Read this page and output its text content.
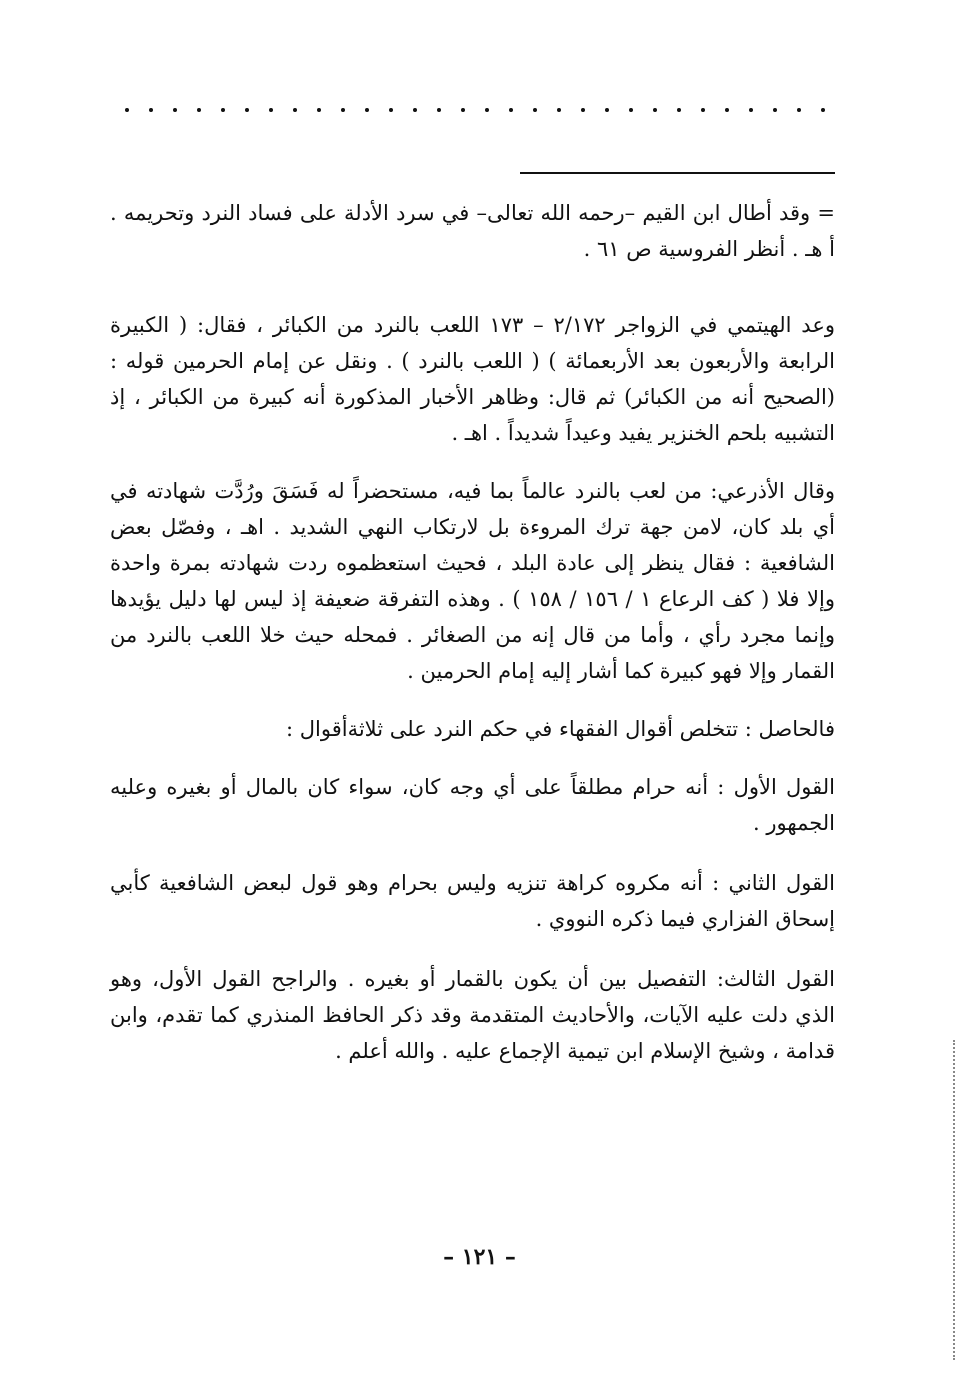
= وقد أطال ابن القيم –رحمه الله تعالى– في سرد الأدلة على فساد النرد وتحريمه . أ هـ . أنظر الفروسية ص ٦١ .

وعد الهيتمي في الزواجر ٢/١٧٢ – ١٧٣ اللعب بالنرد من الكبائر ، فقال: ( الكبيرة الرابعة والأربعون بعد الأربعمائة ) ( اللعب بالنرد ) . ونقل عن إمام الحرمين قوله : (الصحيح أنه من الكبائر) ثم قال: وظاهر الأخبار المذكورة أنه كبيرة من الكبائر ، إذ التشبيه بلحم الخنزير يفيد وعيداً شديداً . اهـ .

وقال الأذرعي: من لعب بالنرد عالماً بما فيه، مستحضراً له فَسَقَ ورُدَّت شهادته في أي بلد كان، لامن جهة ترك المروءة بل لارتكاب النهي الشديد . اهـ ، وفصّل بعض الشافعية : فقال ينظر إلى عادة البلد ، فحيث استعظموه ردت شهادته بمرة واحدة وإلا فلا ( كف الرعاع ١ / ١٥٦ / ١٥٨ ) . وهذه التفرقة ضعيفة إذ ليس لها دليل يؤيدها وإنما مجرد رأي ، وأما من قال إنه من الصغائر . فمحله حيث خلا اللعب بالنرد من القمار وإلا فهو كبيرة كما أشار إليه إمام الحرمين .

فالحاصل : تتخلص أقوال الفقهاء في حكم النرد على ثلاثةأقوال :

القول الأول : أنه حرام مطلقاً على أي وجه كان، سواء كان بالمال أو بغيره وعليه الجمهور .

القول الثاني : أنه مكروه كراهة تنزيه وليس بحرام وهو قول لبعض الشافعية كأبي إسحاق الفزاري فيما ذكره النووي .

القول الثالث: التفصيل بين أن يكون بالقمار أو بغيره . والراجح القول الأول، وهو الذي دلت عليه الآيات، والأحاديث المتقدمة وقد ذكر الحافظ المنذري كما تقدم، وابن قدامة ، وشيخ الإسلام ابن تيمية الإجماع عليه . والله أعلم .

– ١٢١ –
